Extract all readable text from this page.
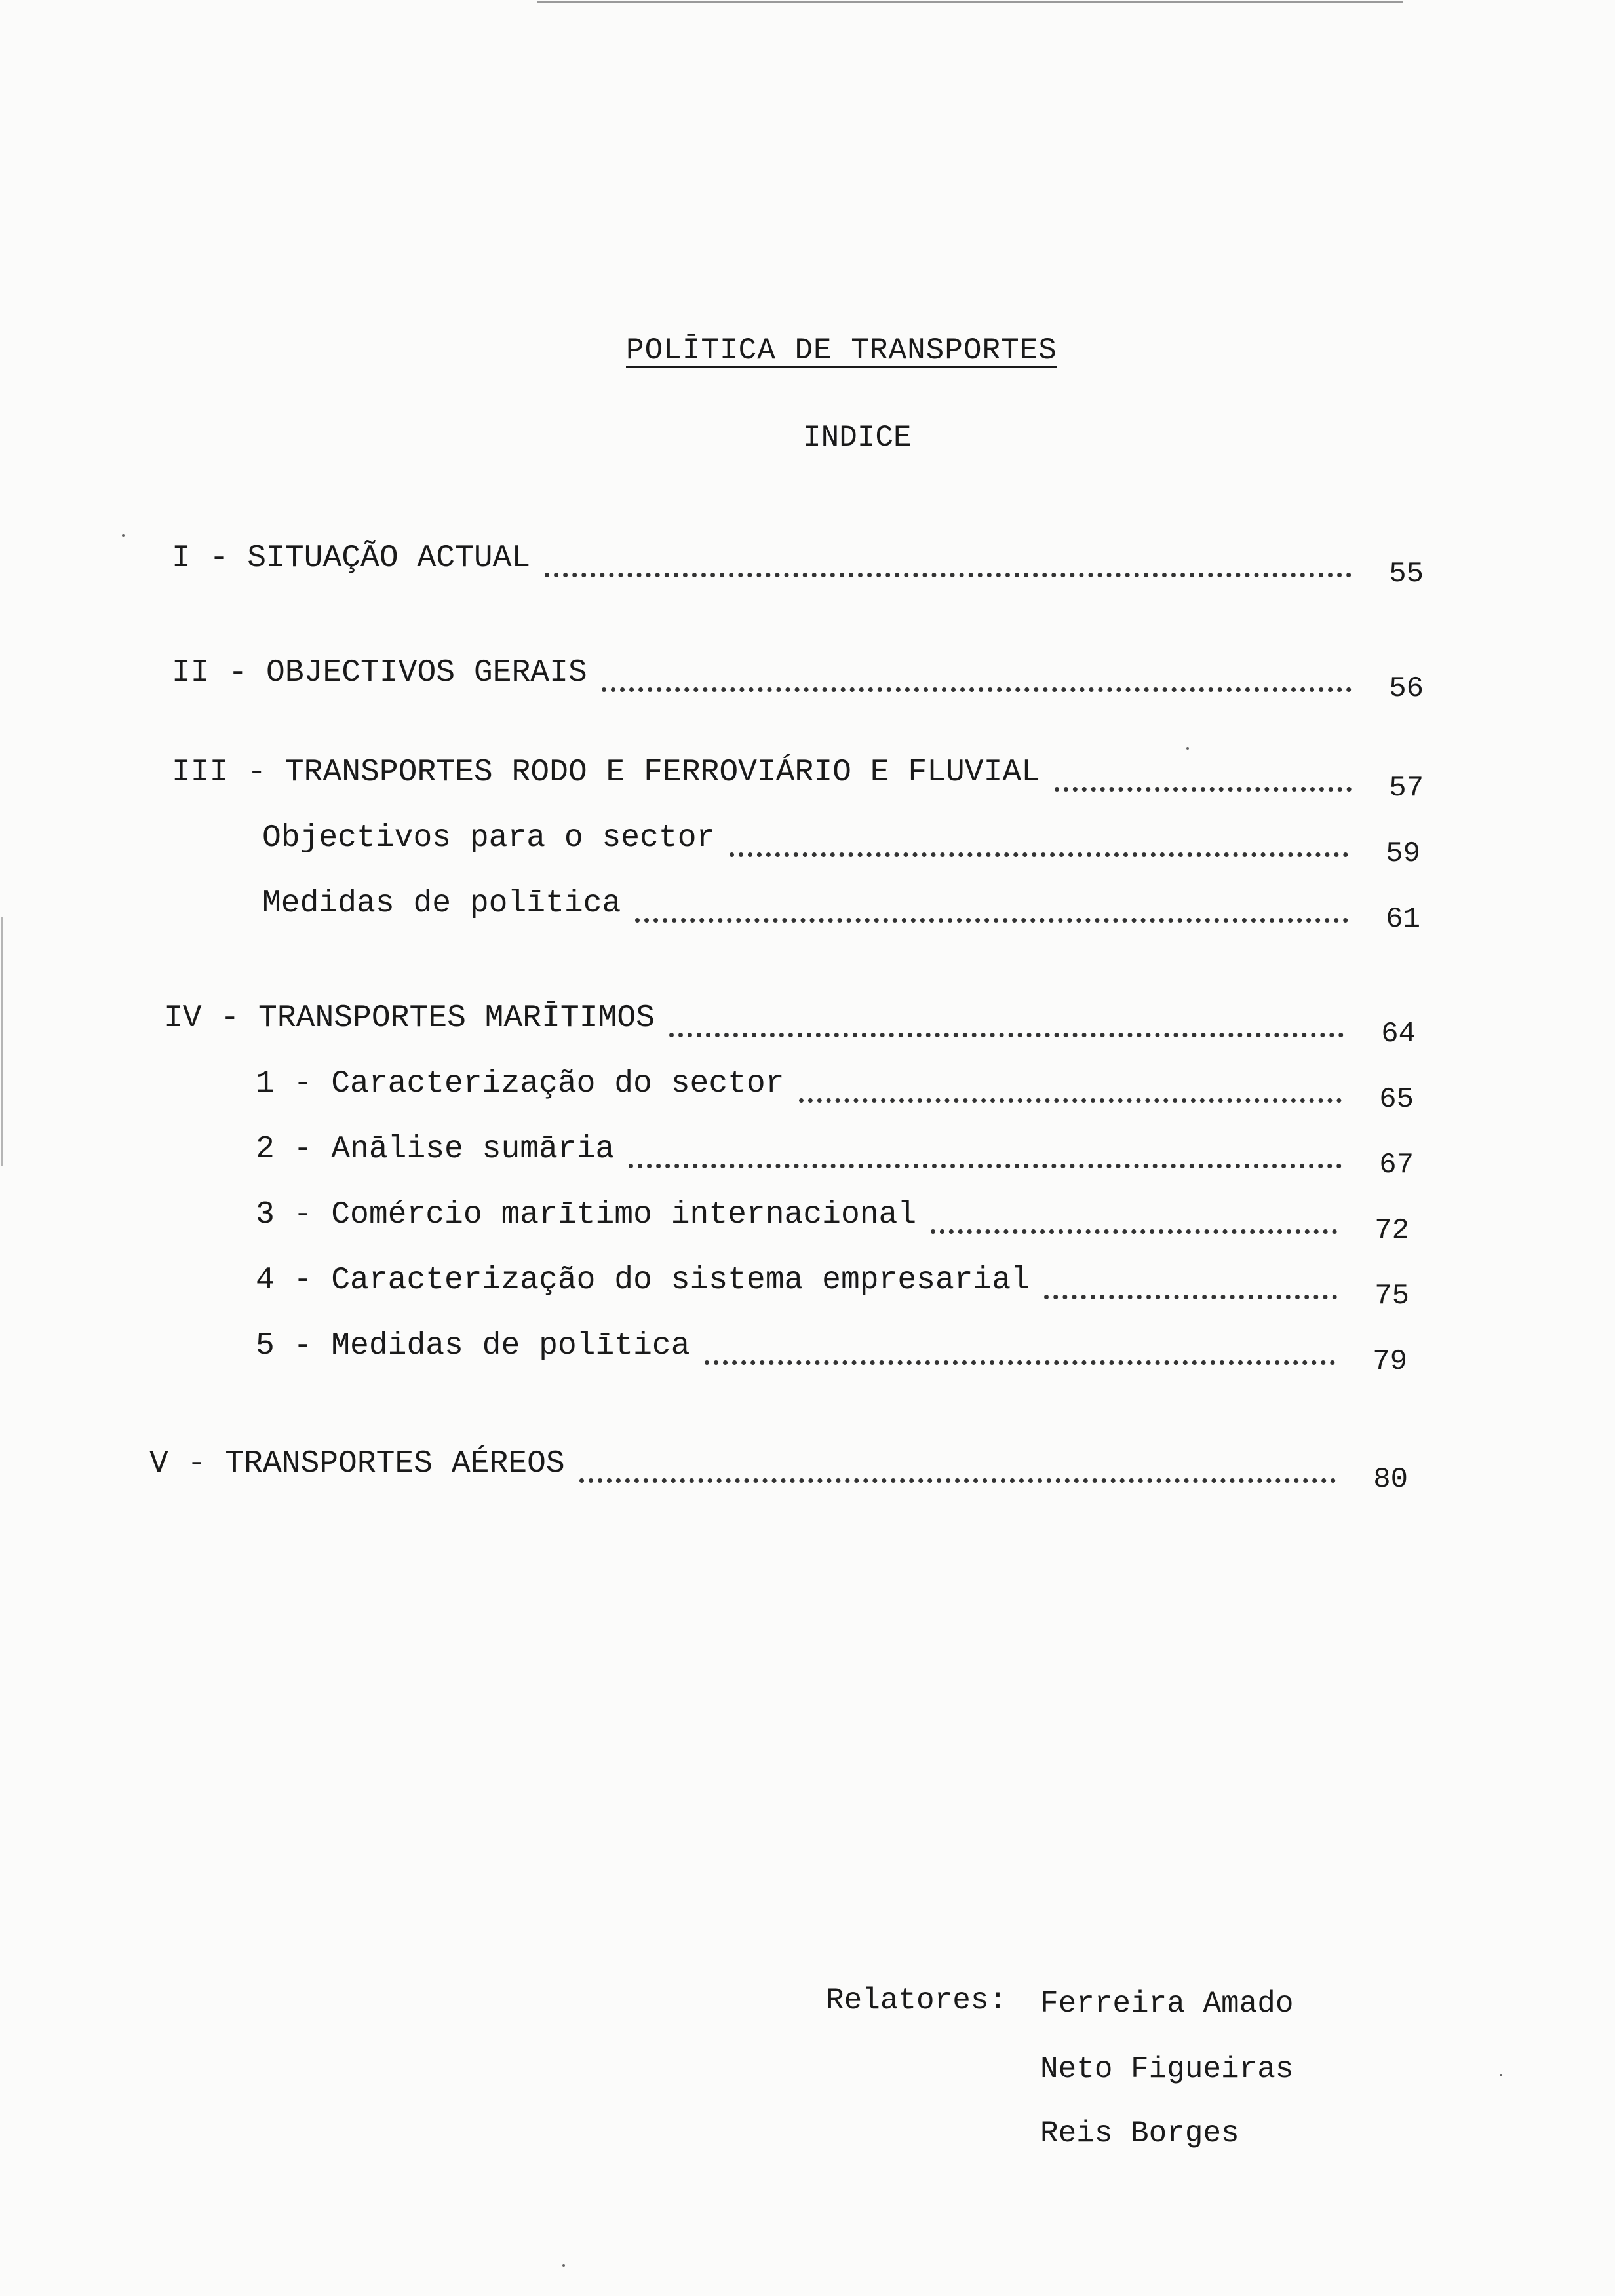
POLĪTICA DE TRANSPORTES
INDICE
I - SITUAÇÃO ACTUAL	55
II - OBJECTIVOS GERAIS	56
III - TRANSPORTES RODO E FERROVIÁRIO E FLUVIAL	57
Objectivos para o sector	59
Medidas de polītica	61
IV - TRANSPORTES MARĪTIMOS	64
1 - Caracterização do sector	65
2 - Anālise sumāria	67
3 - Comércio marītimo internacional	72
4 - Caracterização do sistema empresarial	75
5 - Medidas de polītica	79
V - TRANSPORTES AÉREOS	80
Relatores: Ferreira Amado
Neto Figueiras
Reis Borges
